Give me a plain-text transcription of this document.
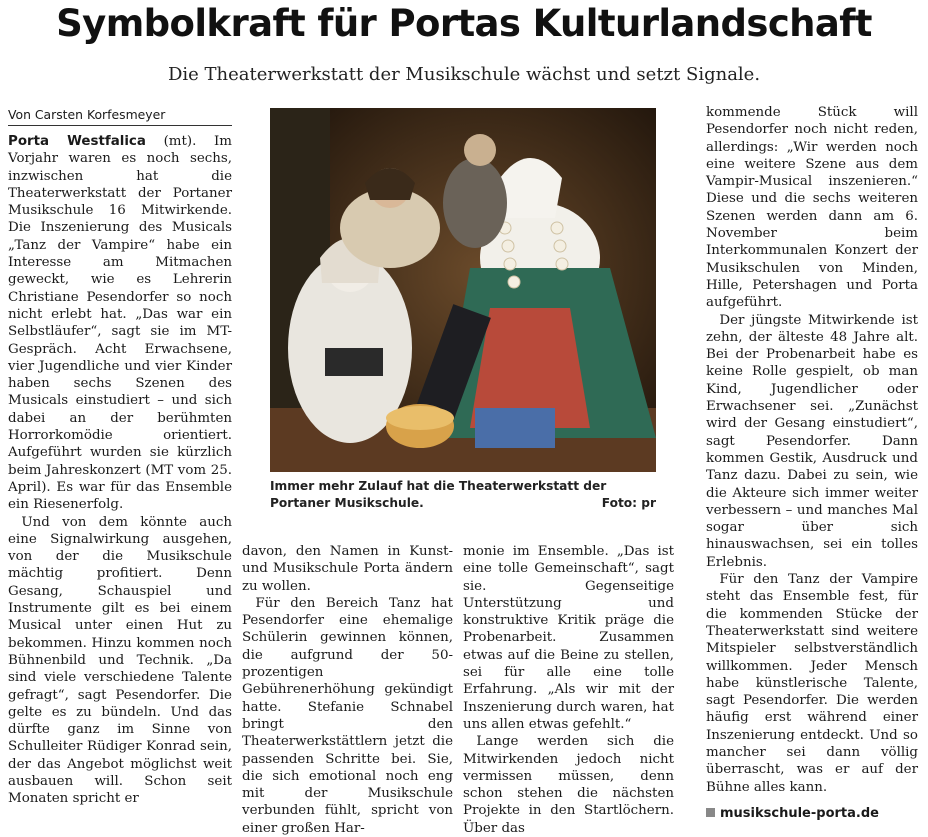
Symbolkraft für Portas Kulturlandschaft
Die Theaterwerkstatt der Musikschule wächst und setzt Signale.
Von Carsten Korfesmeyer

Porta Westfalica (mt). Im Vorjahr waren es noch sechs, inzwischen hat die Theaterwerkstatt der Portaner Musikschule 16 Mitwirkende. Die Inszenierung des Musicals „Tanz der Vampire“ habe ein Interesse am Mitmachen geweckt, wie es Lehrerin Christiane Pesendorfer so noch nicht erlebt hat. „Das war ein Selbstläufer“, sagt sie im MT-Gespräch. Acht Erwachsene, vier Jugendliche und vier Kinder haben sechs Szenen des Musicals einstudiert – und sich dabei an der berühmten Horrorkomödie orientiert. Aufgeführt wurden sie kürzlich beim Jahreskonzert (MT vom 25. April). Es war für das Ensemble ein Riesenerfolg.

Und von dem könnte auch eine Signalwirkung ausgehen, von der die Musikschule mächtig profitiert. Denn Gesang, Schauspiel und Instrumente gilt es bei einem Musical unter einen Hut zu bekommen. Hinzu kommen noch Bühnenbild und Technik. „Da sind viele verschiedene Talente gefragt“, sagt Pesendorfer. Die gelte es zu bündeln. Und das dürfte ganz im Sinne von Schulleiter Rüdiger Konrad sein, der das Angebot möglichst weit ausbauen will. Schon seit Monaten spricht er

Immer mehr Zulauf hat die Theaterwerkstatt der Portaner Musikschule.	Foto: pr

davon, den Namen in Kunst- und Musikschule Porta ändern zu wollen.

Für den Bereich Tanz hat Pesendorfer eine ehemalige Schülerin gewinnen können, die aufgrund der 50-prozentigen Gebührenerhöhung gekündigt hatte. Stefanie Schnabel bringt den Theaterwerkstättlern jetzt die passenden Schritte bei. Sie, die sich emotional noch eng mit der Musikschule verbunden fühlt, spricht von einer großen Har-

monie im Ensemble. „Das ist eine tolle Gemeinschaft“, sagt sie. Gegenseitige Unterstützung und konstruktive Kritik präge die Probenarbeit. Zusammen etwas auf die Beine zu stellen, sei für alle eine tolle Erfahrung. „Als wir mit der Inszenierung durch waren, hat uns allen etwas gefehlt.“

Lange werden sich die Mitwirkenden jedoch nicht vermissen müssen, denn schon stehen die nächsten Projekte in den Startlöchern. Über das

kommende Stück will Pesendorfer noch nicht reden, allerdings: „Wir werden noch eine weitere Szene aus dem Vampir-Musical inszenieren.“ Diese und die sechs weiteren Szenen werden dann am 6. November beim Interkommunalen Konzert der Musikschulen von Minden, Hille, Petershagen und Porta aufgeführt.

Der jüngste Mitwirkende ist zehn, der älteste 48 Jahre alt. Bei der Probenarbeit habe es keine Rolle gespielt, ob man Kind, Jugendlicher oder Erwachsener sei. „Zunächst wird der Gesang einstudiert“, sagt Pesendorfer. Dann kommen Gestik, Ausdruck und Tanz dazu. Dabei zu sein, wie die Akteure sich immer weiter verbessern – und manches Mal sogar über sich hinauswachsen, sei ein tolles Erlebnis.

Für den Tanz der Vampire steht das Ensemble fest, für die kommenden Stücke der Theaterwerkstatt sind weitere Mitspieler selbstverständlich willkommen. Jeder Mensch habe künstlerische Talente, sagt Pesendorfer. Die werden häufig erst während einer Inszenierung entdeckt. Und so mancher sei dann völlig überrascht, was er auf der Bühne alles kann.

musikschule-porta.de
